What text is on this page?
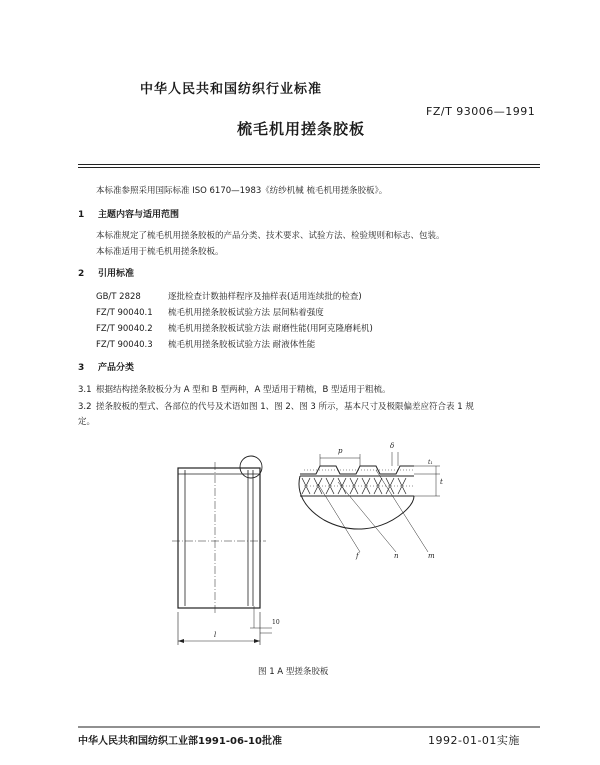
中华人民共和国纺织行业标准
FZ/T 93006—1991
梳毛机用搓条胶板
本标准参照采用国际标准 ISO 6170—1983《纺纱机械 梳毛机用搓条胶板》。
1 主题内容与适用范围
本标准规定了梳毛机用搓条胶板的产品分类、技术要求、试验方法、检验规则和标志、包装。
本标准适用于梳毛机用搓条胶板。
2 引用标准
GB/T 2828	逐批检查计数抽样程序及抽样表(适用连续批的检查)
FZ/T 90040.1 梳毛机用搓条胶板试验方法 层间粘着强度
FZ/T 90040.2 梳毛机用搓条胶板试验方法 耐磨性能(用阿克隆磨耗机)
FZ/T 90040.3 梳毛机用搓条胶板试验方法 耐液体性能
3 产品分类
3.1 根据结构搓条胶板分为 A 型和 B 型两种，A 型适用于精梳，B 型适用于粗梳。
3.2 搓条胶板的型式、各部位的代号及术语如图 1、图 2、图 3 所示，基本尺寸及极限偏差应符合表 1 规
定。
l
10
p
δ
t₁
t
f	n	m
图 1 A 型搓条胶板
中华人民共和国纺织工业部1991-06-10批准	1992-01-01实施
